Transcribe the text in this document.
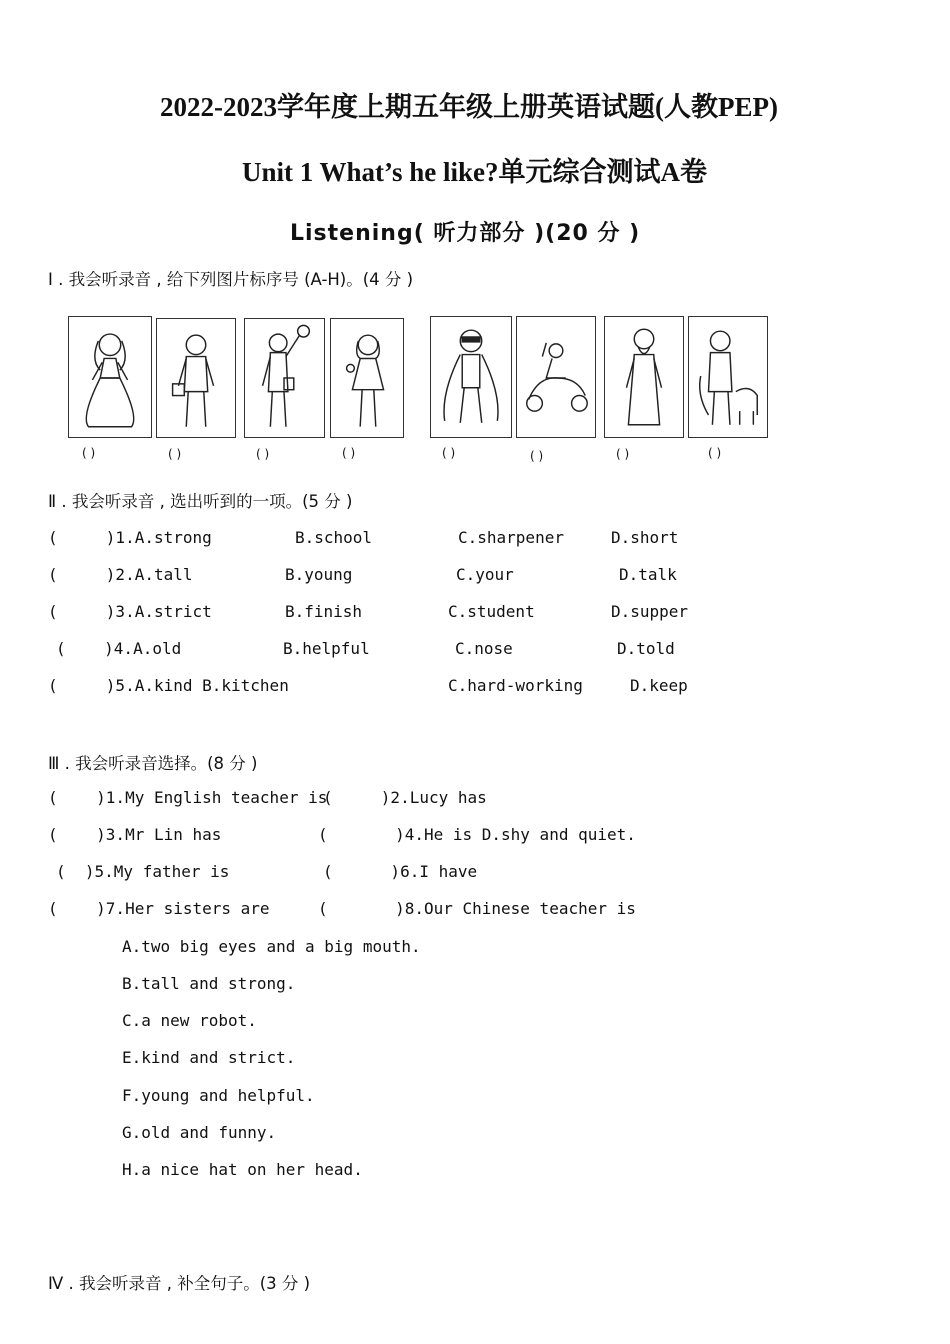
2022-2023学年度上期五年级上册英语试题(人教PEP)
Unit 1 What’s he like?单元综合测试A卷
Listening( 听力部分 )(20 分 )
Ⅰ . 我会听录音 , 给下列图片标序号 (A-H)。(4 分 )
( )	( )	( )	( )	( )	( )	( )	( )
Ⅱ . 我会听录音 , 选出听到的一项。(5 分 )
(     )1.A.strong	B.school	C.sharpener	D.short
(     )2.A.tall	B.young	C.your	D.talk
(     )3.A.strict	B.finish	C.student	D.supper
(    )4.A.old	B.helpful	C.nose	D.told
(     )5.A.kind B.kitchen	C.hard-working	D.keep
Ⅲ . 我会听录音选择。(8 分 )
(    )1.My English teacher is
(     )2.Lucy has
(    )3.Mr Lin has	(       )4.He is D.shy and quiet.
(  )5.My father is	(      )6.I have
(    )7.Her sisters are	(       )8.Our Chinese teacher is
A.two big eyes and a big mouth.
B.tall and strong.
C.a new robot.
E.kind and strict.
F.young and helpful.
G.old and funny.
H.a nice hat on her head.
Ⅳ . 我会听录音 , 补全句子。(3 分 )
